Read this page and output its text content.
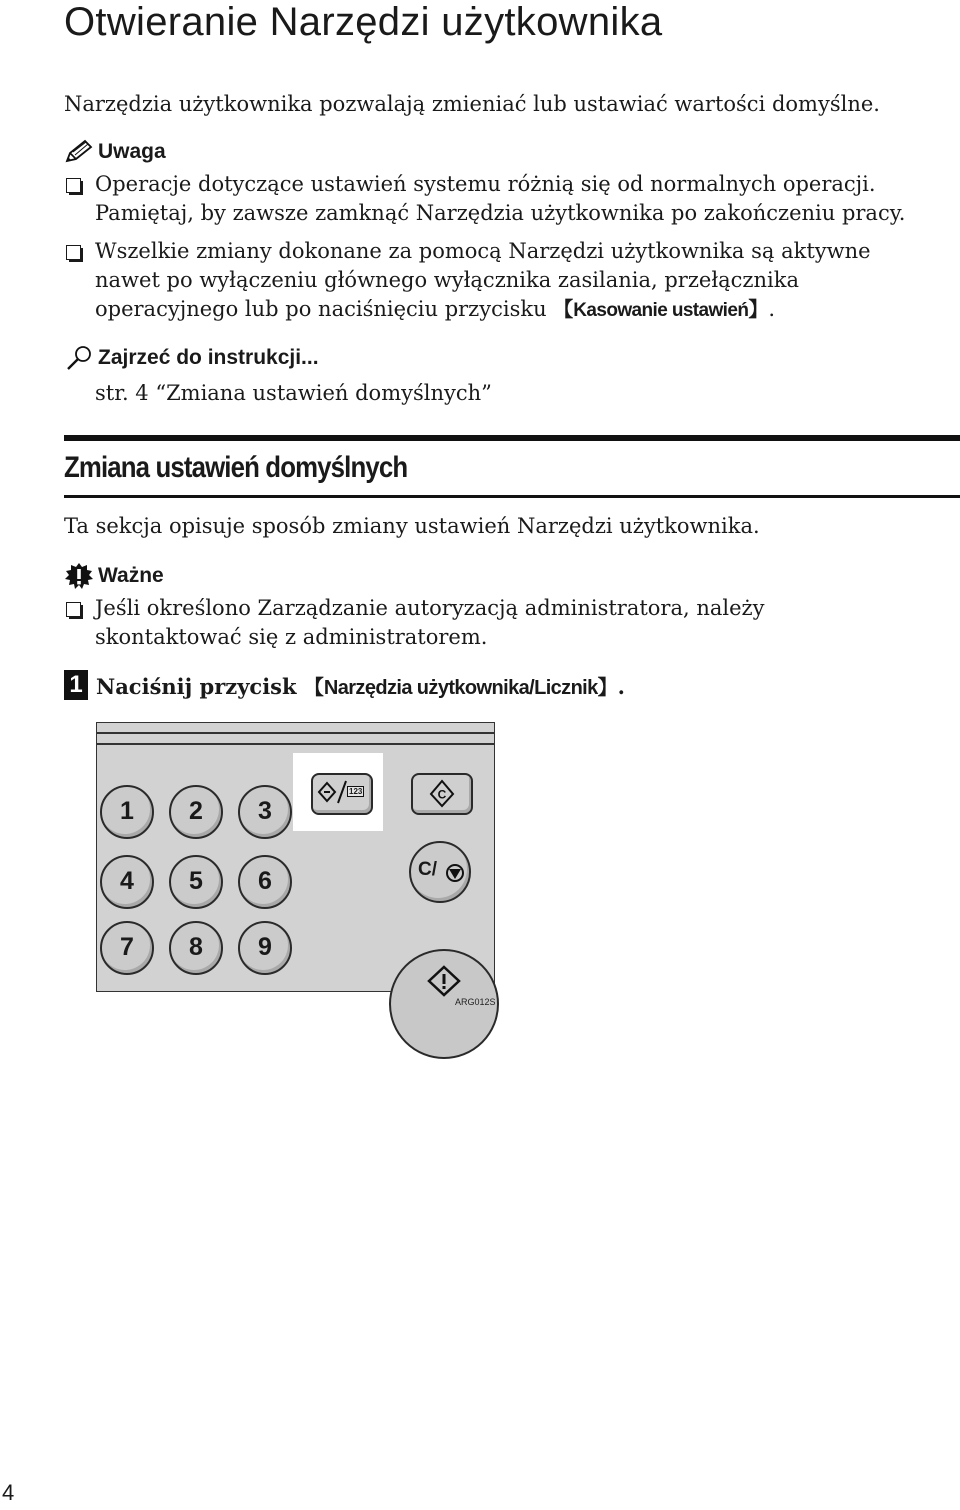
Otwieranie Narzędzi użytkownika
Narzędzia użytkownika pozwalają zmieniać lub ustawiać wartości domyślne.
Uwaga
Operacje dotyczące ustawień systemu różnią się od normalnych operacji.
Pamiętaj, by zawsze zamknąć Narzędzia użytkownika po zakończeniu pracy.
Wszelkie zmiany dokonane za pomocą Narzędzi użytkownika są aktywne
nawet po wyłączeniu głównego wyłącznika zasilania, przełącznika
operacyjnego lub po naciśnięciu przycisku 【Kasowanie ustawień】.
Zajrzeć do instrukcji...
str. 4 “Zmiana ustawień domyślnych”
Zmiana ustawień domyślnych
Ta sekcja opisuje sposób zmiany ustawień Narzędzi użytkownika.
Ważne
Jeśli określono Zarządzanie autoryzacją administratora, należy
skontaktować się z administratorem.
1 Naciśnij przycisk 【Narzędzia użytkownika/Licznik】.
1	2	3
4	5	6
7	8	9
123	C
C/
ARG012S
4
